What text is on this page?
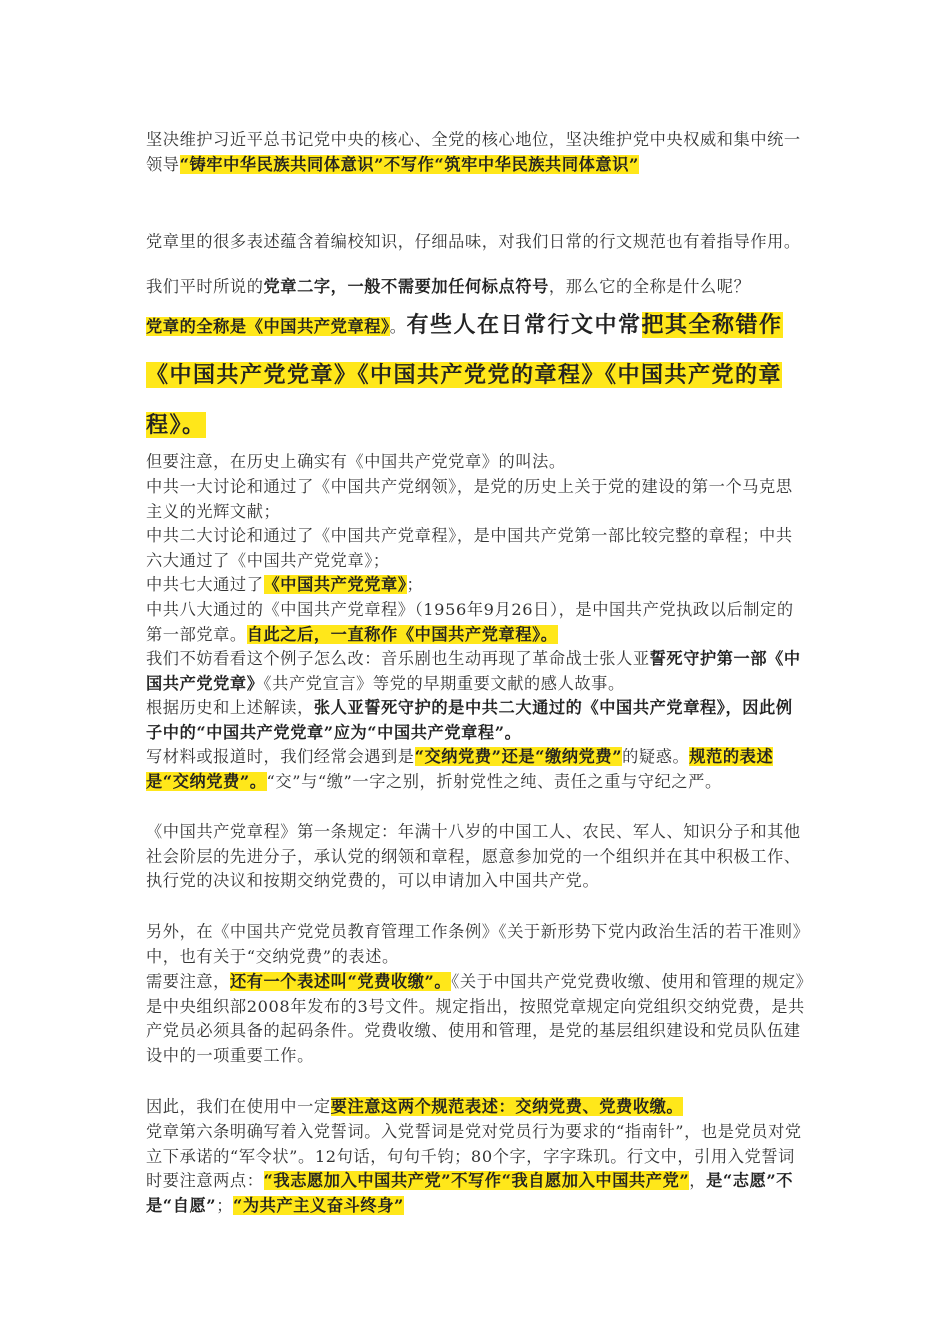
坚决维护习近平总书记党中央的核心、全党的核心地位，坚决维护党中央权威和集中统一领导“铸牢中华民族共同体意识”不写作“筑牢中华民族共同体意识”
党章里的很多表述蕴含着编校知识，仔细品味，对我们日常的行文规范也有着指导作用。
我们平时所说的党章二字，一般不需要加任何标点符号，那么它的全称是什么呢？
党章的全称是《中国共产党章程》。有些人在日常行文中常把其全称错作《中国共产党党章》《中国共产党党的章程》《中国共产党的章程》。
但要注意，在历史上确实有《中国共产党党章》的叫法。
中共一大讨论和通过了《中国共产党纲领》，是党的历史上关于党的建设的第一个马克思主义的光辉文献；
中共二大讨论和通过了《中国共产党章程》，是中国共产党第一部比较完整的章程；中共六大通过了《中国共产党党章》；
中共七大通过了《中国共产党党章》；
中共八大通过的《中国共产党章程》（1956年9月26日），是中国共产党执政以后制定的第一部党章。自此之后，一直称作《中国共产党章程》。
我们不妨看看这个例子怎么改：音乐剧也生动再现了革命战士张人亚誓死守护第一部《中国共产党党章》《共产党宣言》等党的早期重要文献的感人故事。
根据历史和上述解读，张人亚誓死守护的是中共二大通过的《中国共产党章程》，因此例子中的“中国共产党党章”应为“中国共产党章程”。
写材料或报道时，我们经常会遇到是“交纳党费”还是“缴纳党费”的疑惑。规范的表述是“交纳党费”。“交”与“缴”一字之别，折射党性之纯、责任之重与守纪之严。
《中国共产党章程》第一条规定：年满十八岁的中国工人、农民、军人、知识分子和其他社会阶层的先进分子，承认党的纲领和章程，愿意参加党的一个组织并在其中积极工作、执行党的决议和按期交纳党费的，可以申请加入中国共产党。
另外，在《中国共产党党员教育管理工作条例》《关于新形势下党内政治生活的若干准则》中，也有关于“交纳党费”的表述。
需要注意，还有一个表述叫“党费收缴”。《关于中国共产党党费收缴、使用和管理的规定》是中央组织部2008年发布的3号文件。规定指出，按照党章规定向党组织交纳党费，是共产党员必须具备的起码条件。党费收缴、使用和管理，是党的基层组织建设和党员队伍建设中的一项重要工作。
因此，我们在使用中一定要注意这两个规范表述：交纳党费、党费收缴。
党章第六条明确写着入党誓词。入党誓词是党对党员行为要求的“指南针”，也是党员对党立下承诺的“军令状”。12句话，句句千钧；80个字，字字珠玑。行文中，引用入党誓词时要注意两点：“我志愿加入中国共产党”不写作“我自愿加入中国共产党”，是“志愿”不是“自愿”；“为共产主义奋斗终身”
